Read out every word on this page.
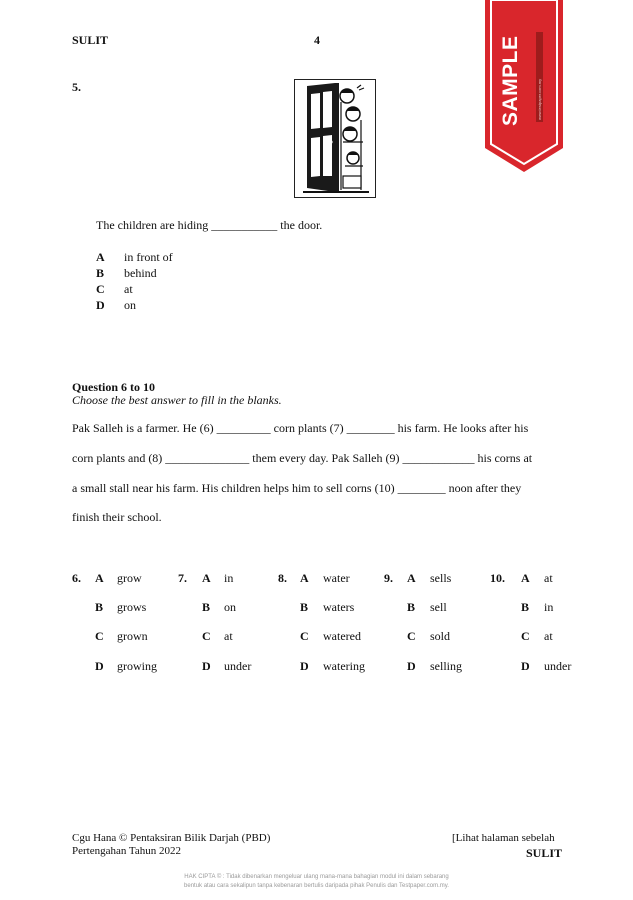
SULIT	4	SAMPLE	www.testpaper.com.my
5.
The children are hiding ___________ the door.
A in front of
B behind
C at
D on
Question 6 to 10
Choose the best answer to fill in the blanks.
Pak Salleh is a farmer. He (6) _________ corn plants (7) ________ his farm. He looks after his
corn plants and (8) ______________ them every day. Pak Salleh (9) ____________ his corns at
a small stall near his farm. His children helps him to sell corns (10) ________ noon after they
finish their school.
6. A grow
B grows
C grown
D growing
7. A in
B on
C at
D under
8. A water
B waters
C watered
D watering
9. A sells
B sell
C sold
D selling
10. A at
B in
C at
D under
Cgu Hana © Pentaksiran Bilik Darjah (PBD)
Pertengahan Tahun 2022
[Lihat halaman sebelah
SULIT
HAK CIPTA © : Tidak dibenarkan mengeluar ulang mana-mana bahagian modul ini dalam sebarang
bentuk atau cara sekalipun tanpa kebenaran bertulis daripada pihak Penulis dan Testpaper.com.my.
